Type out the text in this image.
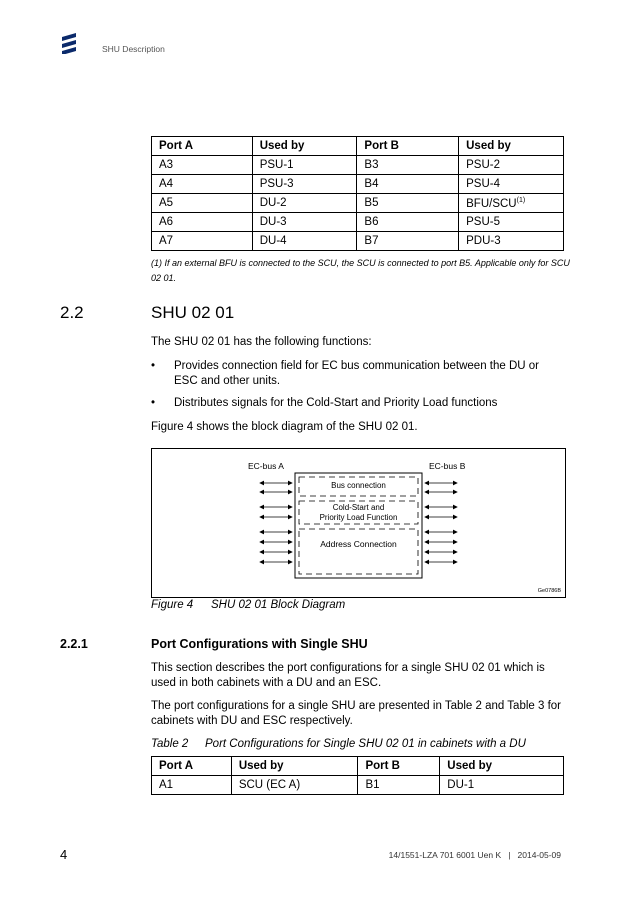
SHU Description
Port A	Used by	Port B	Used by
A3	PSU-1	B3	PSU-2
A4	PSU-3	B4	PSU-4
A5	DU-2	B5	BFU/SCU$^{(1)}$
A6	DU-3	B6	PSU-5
A7	DU-4	B7	PDU-3
(1) If an external BFU is connected to the SCU, the SCU is connected to port B5. Applicable only for SCU 02 01.
2.2	SHU 02 01
The SHU 02 01 has the following functions:
• Provides connection field for EC bus communication between the DU or ESC and other units.
• Distributes signals for the Cold-Start and Priority Load functions
Figure 4 shows the block diagram of the SHU 02 01.
EC-bus A	EC-bus B
Bus connection
Cold-Start and
Priority Load Function
Address Connection
Ge0786B
Figure 4 SHU 02 01 Block Diagram
2.2.1	Port Configurations with Single SHU
This section describes the port configurations for a single SHU 02 01 which is used in both cabinets with a DU and an ESC.
The port configurations for a single SHU are presented in Table 2 and Table 3 for cabinets with DU and ESC respectively.
Table 2 Port Configurations for Single SHU 02 01 in cabinets with a DU
Port A	Used by	Port B	Used by
A1	SCU (EC A)	B1	DU-1
4	14/1551-LZA 701 6001 Uen K   |   2014-05-09
